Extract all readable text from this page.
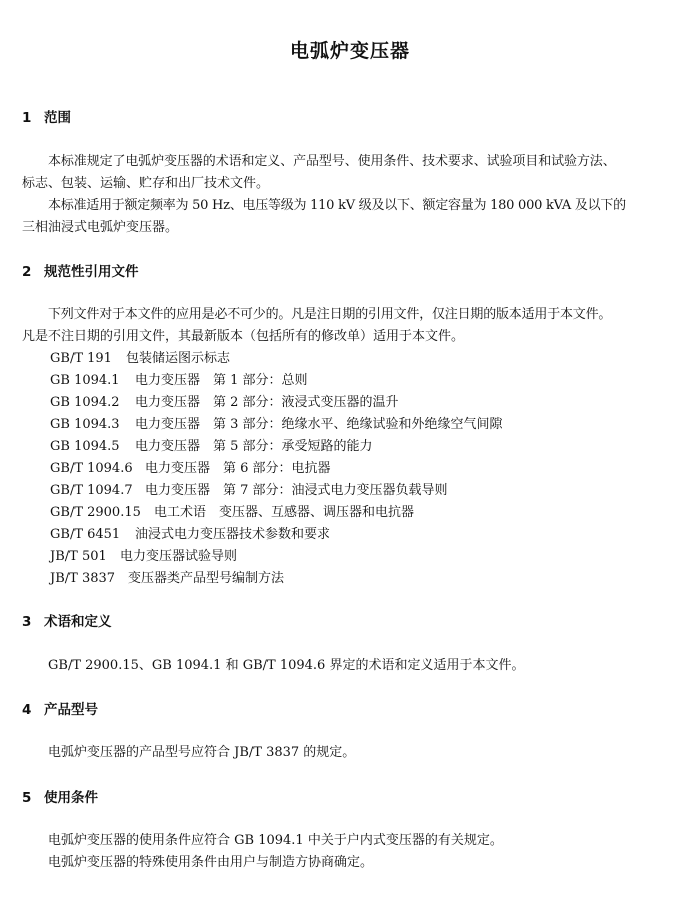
电弧炉变压器
1 范围
本标准规定了电弧炉变压器的术语和定义、产品型号、使用条件、技术要求、试验项目和试验方法、
标志、包装、运输、贮存和出厂技术文件。
本标准适用于额定频率为 50 Hz、电压等级为 110 kV 级及以下、额定容量为 180 000 kVA 及以下的
三相油浸式电弧炉变压器。
2 规范性引用文件
下列文件对于本文件的应用是必不可少的。凡是注日期的引用文件，仅注日期的版本适用于本文件。
凡是不注日期的引用文件，其最新版本（包括所有的修改单）适用于本文件。
GB/T 191 包装储运图示标志
GB 1094.1 电力变压器　第 1 部分：总则
GB 1094.2 电力变压器　第 2 部分：液浸式变压器的温升
GB 1094.3 电力变压器　第 3 部分：绝缘水平、绝缘试验和外绝缘空气间隙
GB 1094.5 电力变压器　第 5 部分：承受短路的能力
GB/T 1094.6 电力变压器　第 6 部分：电抗器
GB/T 1094.7 电力变压器　第 7 部分：油浸式电力变压器负载导则
GB/T 2900.15 电工术语　变压器、互感器、调压器和电抗器
GB/T 6451 油浸式电力变压器技术参数和要求
JB/T 501 电力变压器试验导则
JB/T 3837 变压器类产品型号编制方法
3 术语和定义
GB/T 2900.15、GB 1094.1 和 GB/T 1094.6 界定的术语和定义适用于本文件。
4 产品型号
电弧炉变压器的产品型号应符合 JB/T 3837 的规定。
5 使用条件
电弧炉变压器的使用条件应符合 GB 1094.1 中关于户内式变压器的有关规定。
电弧炉变压器的特殊使用条件由用户与制造方协商确定。
